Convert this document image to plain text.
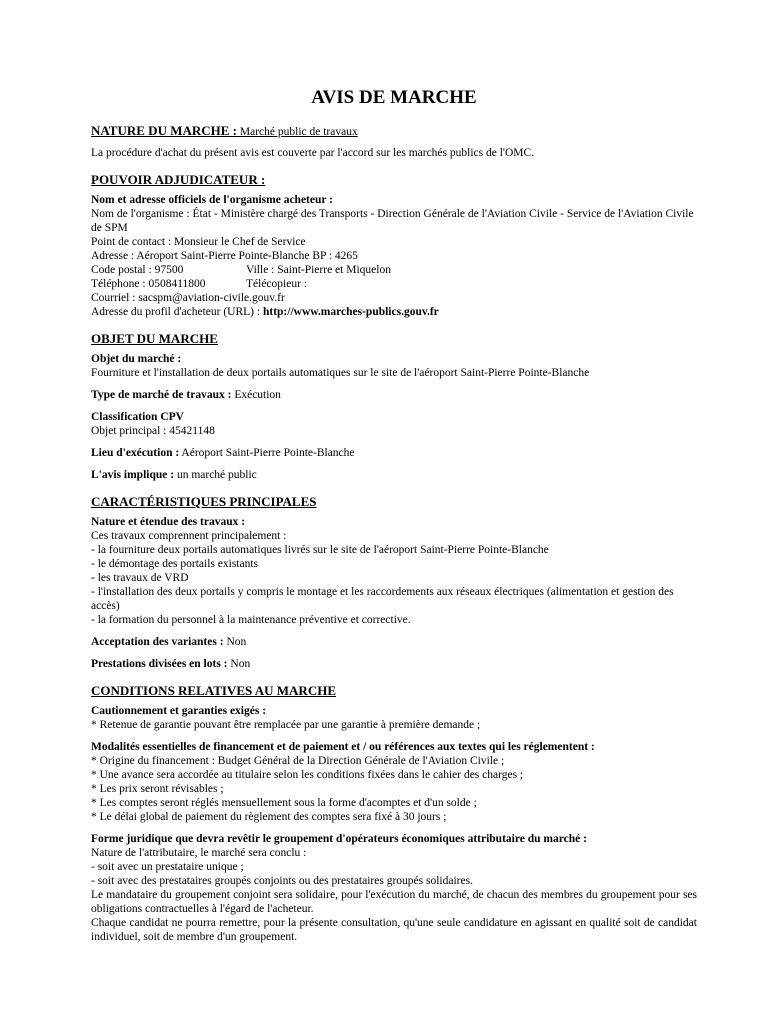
AVIS DE MARCHE
NATURE DU MARCHE : Marché public de travaux

La procédure d'achat du présent avis est couverte par l'accord sur les marchés publics de l'OMC.

POUVOIR ADJUDICATEUR :
Nom et adresse officiels de l'organisme acheteur :
Nom de l'organisme : État - Ministère chargé des Transports - Direction Générale de l'Aviation Civile - Service de l'Aviation Civile de SPM
Point de contact : Monsieur le Chef de Service
Adresse : Aéroport Saint-Pierre Pointe-Blanche BP : 4265
Code postal : 97500	Ville : Saint-Pierre et Miquelon
Téléphone : 0508411800	Télécopieur :
Courriel : sacspm@aviation-civile.gouv.fr
Adresse du profil d'acheteur (URL) : http://www.marches-publics.gouv.fr
OBJET DU MARCHE
Objet du marché :
Fourniture et l'installation de deux portails automatiques sur le site de l'aéroport Saint-Pierre Pointe-Blanche
Type de marché de travaux : Exécution
Classification CPV
Objet principal : 45421148
Lieu d'exécution : Aéroport Saint-Pierre Pointe-Blanche
L'avis implique : un marché public
CARACTÉRISTIQUES PRINCIPALES
Nature et étendue des travaux :
Ces travaux comprennent principalement :
- la fourniture deux portails automatiques livrés sur le site de l'aéroport Saint-Pierre Pointe-Blanche
- le démontage des portails existants
- les travaux de VRD
- l'installation des deux portails y compris le montage et les raccordements aux réseaux électriques (alimentation et gestion des accès)
- la formation du personnel à la maintenance préventive et corrective.
Acceptation des variantes : Non
Prestations divisées en lots : Non
CONDITIONS RELATIVES AU MARCHE
Cautionnement et garanties exigés :
* Retenue de garantie pouvant être remplacée par une garantie à première demande ;
Modalités essentielles de financement et de paiement et / ou références aux textes qui les réglementent :
* Origine du financement : Budget Général de la Direction Générale de l'Aviation Civile ;
* Une avance sera accordée au titulaire selon les conditions fixées dans le cahier des charges ;
* Les prix seront révisables ;
* Les comptes seront réglés mensuellement sous la forme d'acomptes et d'un solde ;
* Le délai global de paiement du règlement des comptes sera fixé à 30 jours ;
Forme juridique que devra revêtir le groupement d'opérateurs économiques attributaire du marché :
Nature de l'attributaire, le marché sera conclu :
- soit avec un prestataire unique ;
- soit avec des prestataires groupés conjoints ou des prestataires groupés solidaires.
Le mandataire du groupement conjoint sera solidaire, pour l'exécution du marché, de chacun des membres du groupement pour ses obligations contractuelles à l'égard de l'acheteur.
Chaque candidat ne pourra remettre, pour la présente consultation, qu'une seule candidature en agissant en qualité soit de candidat individuel, soit de membre d'un groupement.
